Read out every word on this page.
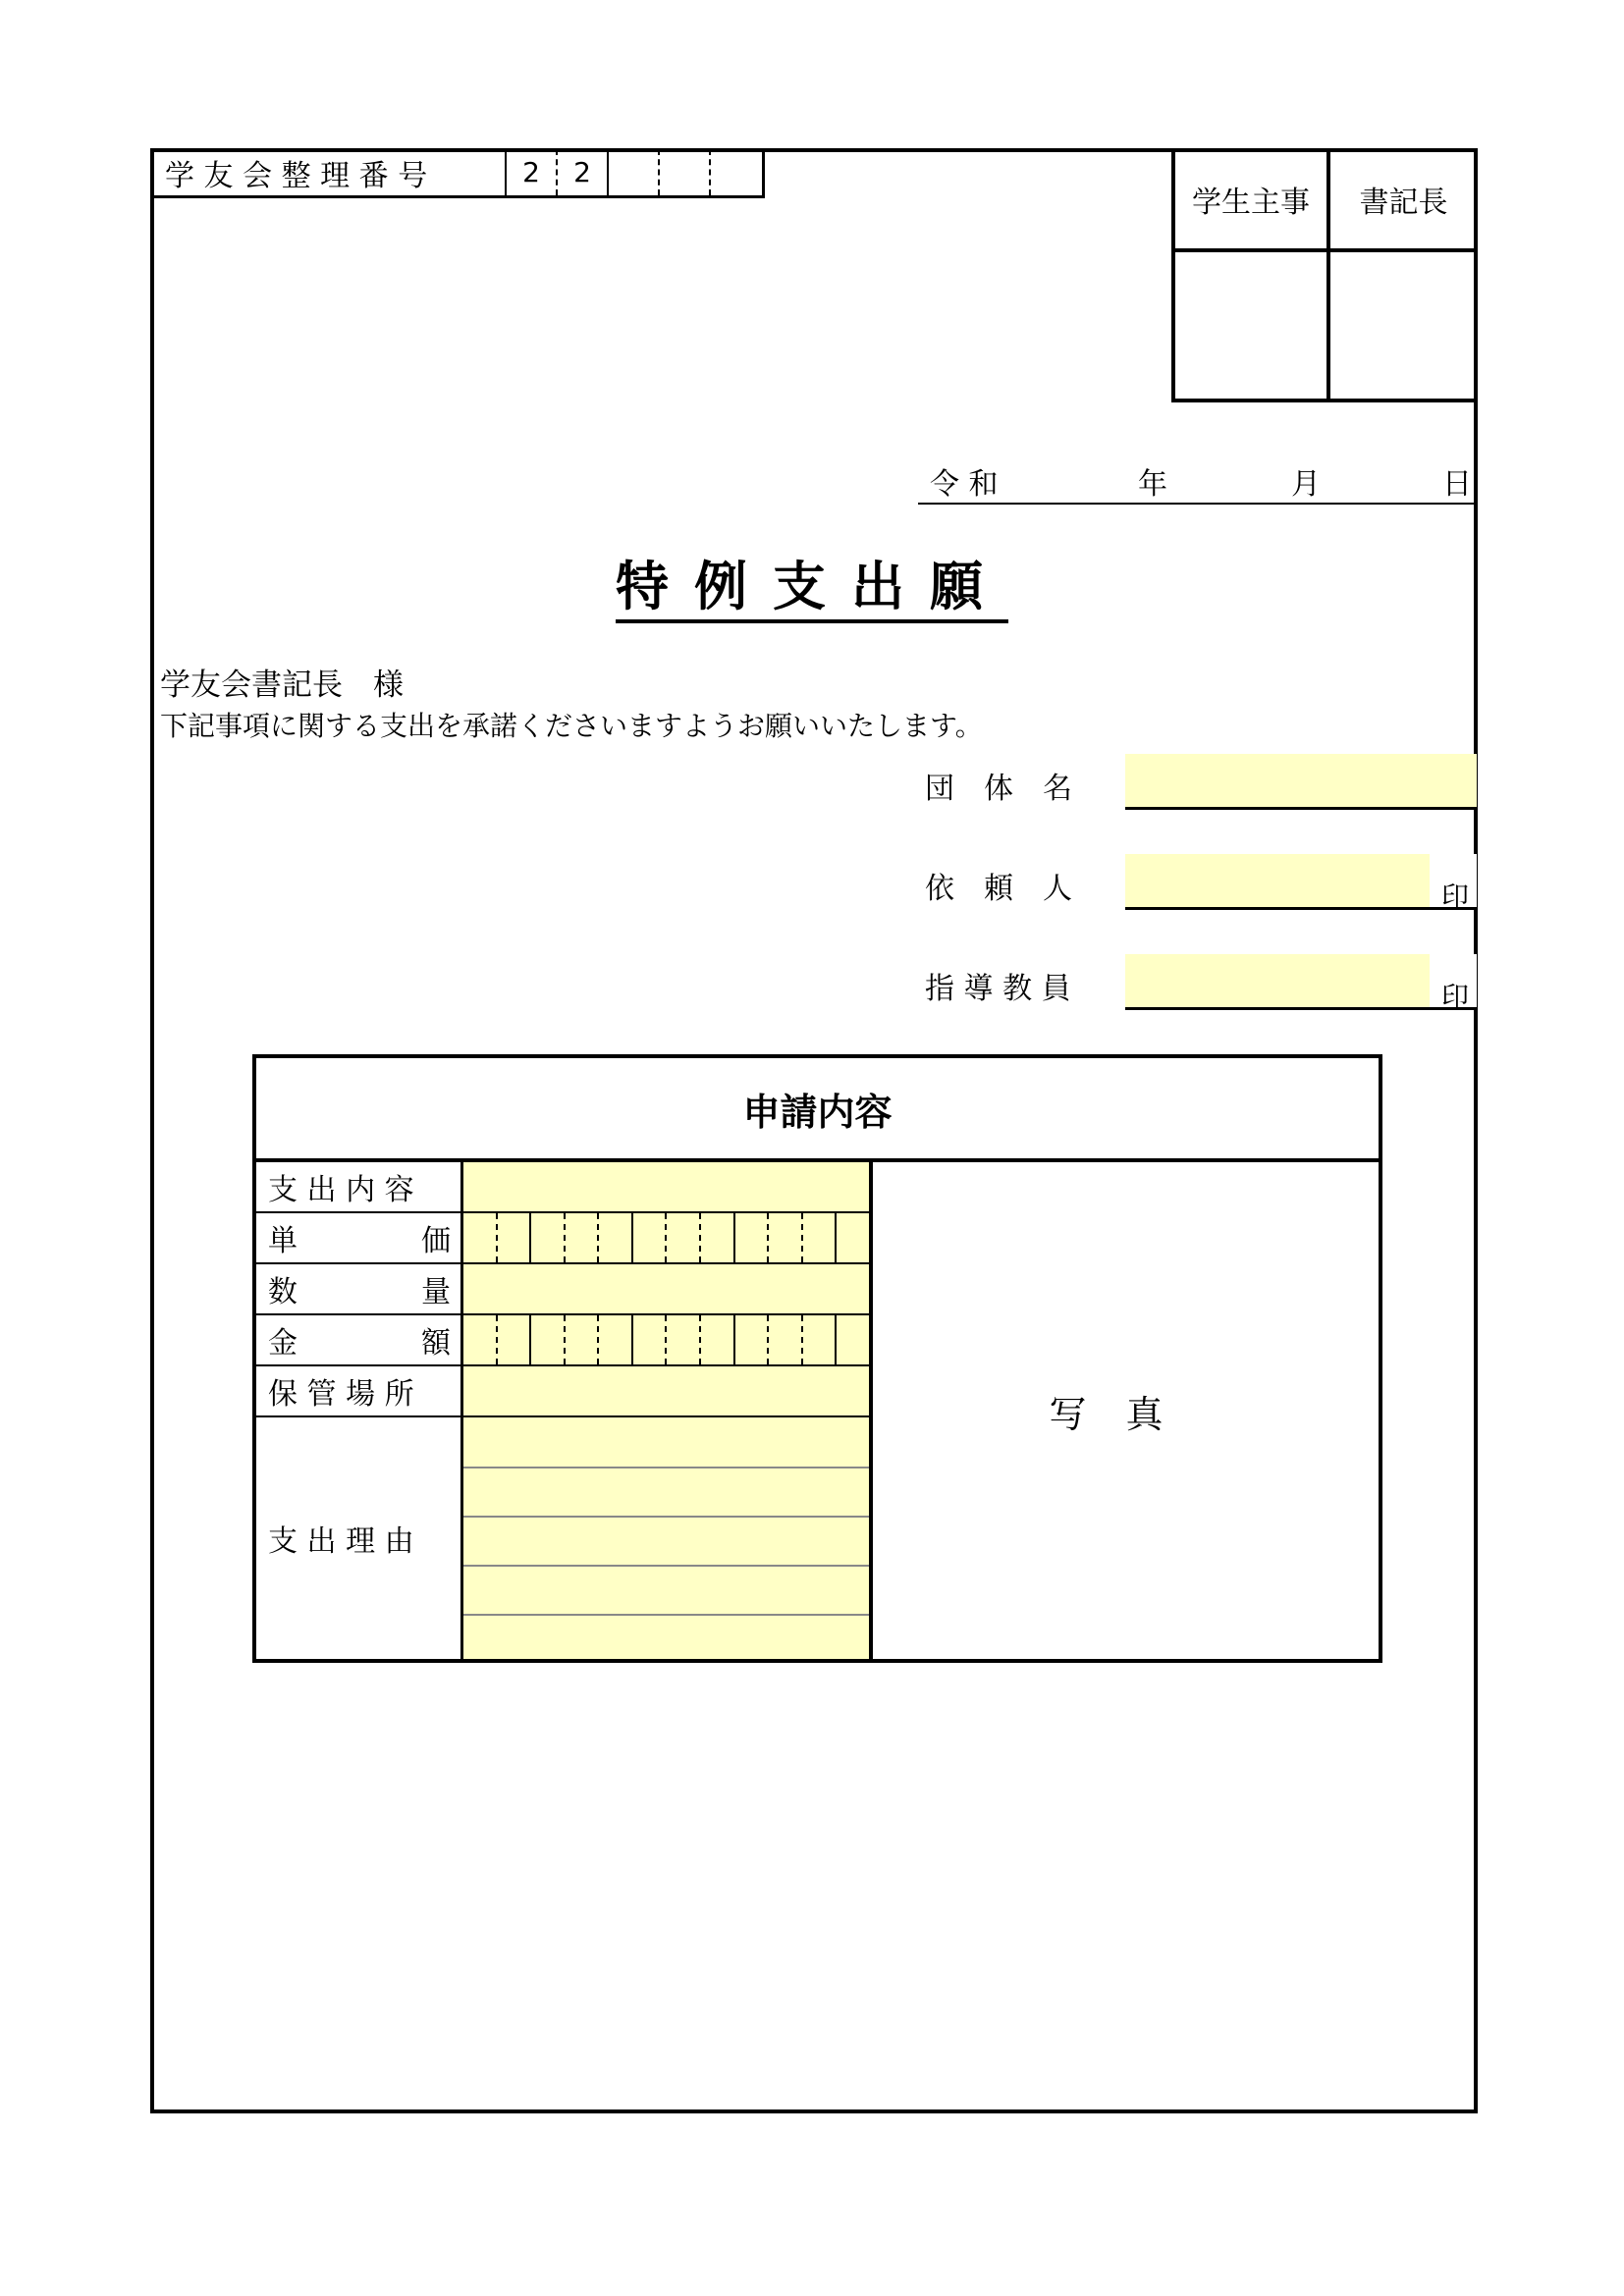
学 友 会 整 理 番 号	2	2
学生主事	書記長
令 和	年	月	日
特例支出願
学友会書記長　様
下記事項に関する支出を承諾くださいますようお願いいたします。
団　体　名
依　頼　人	印
指 導 教 員	印
申請内容
支 出 内 容
単	価
数	量
金	額
保 管 場 所
支 出 理 由
写真
